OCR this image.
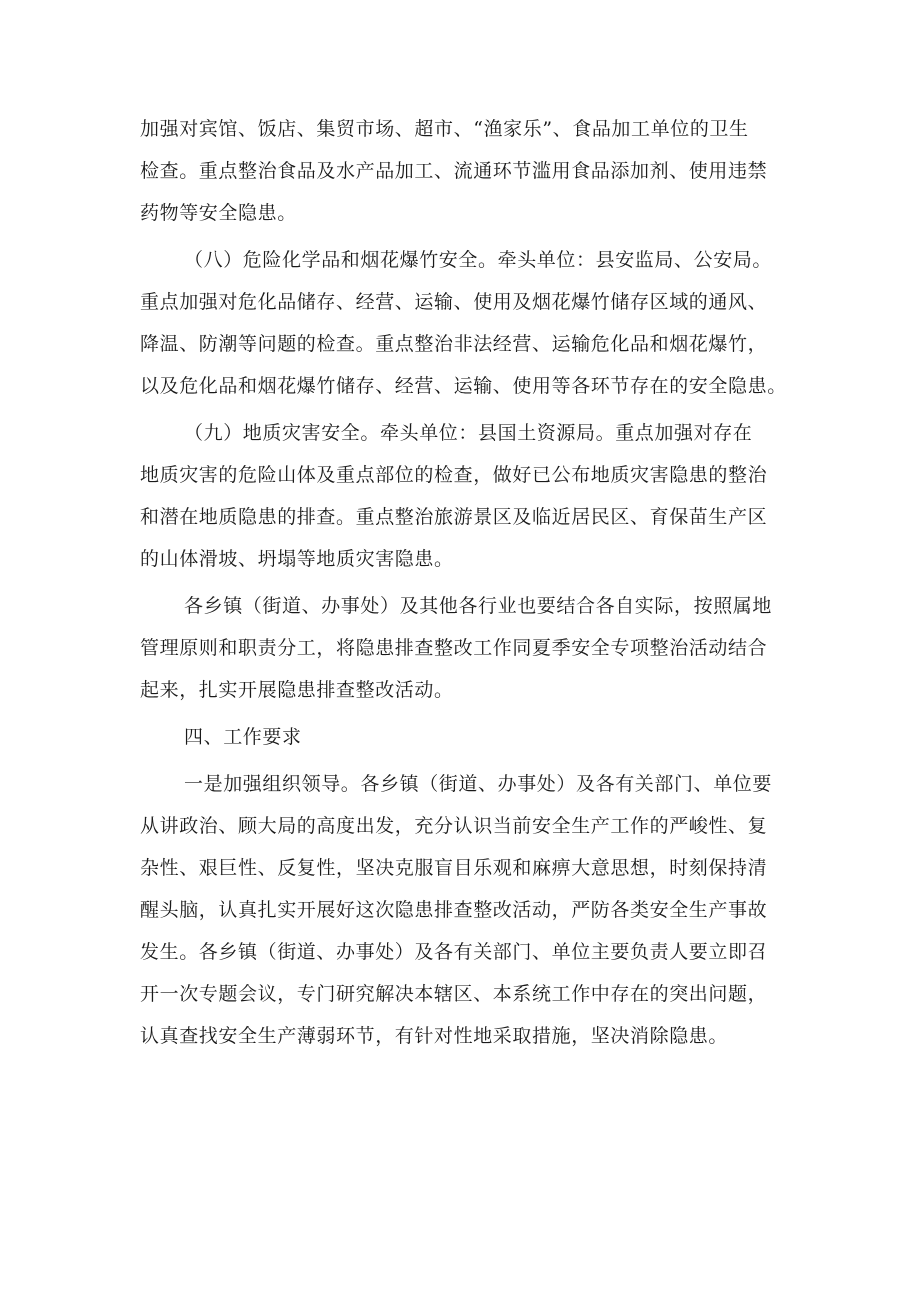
加强对宾馆、饭店、集贸市场、超市、“渔家乐”、食品加工单位的卫生
检查。重点整治食品及水产品加工、流通环节滥用食品添加剂、使用违禁
药物等安全隐患。

（八）危险化学品和烟花爆竹安全。牵头单位：县安监局、公安局。
重点加强对危化品储存、经营、运输、使用及烟花爆竹储存区域的通风、
降温、防潮等问题的检查。重点整治非法经营、运输危化品和烟花爆竹，
以及危化品和烟花爆竹储存、经营、运输、使用等各环节存在的安全隐患。

（九）地质灾害安全。牵头单位：县国土资源局。重点加强对存在
地质灾害的危险山体及重点部位的检查，做好已公布地质灾害隐患的整治
和潜在地质隐患的排查。重点整治旅游景区及临近居民区、育保苗生产区
的山体滑坡、坍塌等地质灾害隐患。

各乡镇（街道、办事处）及其他各行业也要结合各自实际，按照属地
管理原则和职责分工，将隐患排查整改工作同夏季安全专项整治活动结合
起来，扎实开展隐患排查整改活动。

四、工作要求

一是加强组织领导。各乡镇（街道、办事处）及各有关部门、单位要
从讲政治、顾大局的高度出发，充分认识当前安全生产工作的严峻性、复
杂性、艰巨性、反复性，坚决克服盲目乐观和麻痹大意思想，时刻保持清
醒头脑，认真扎实开展好这次隐患排查整改活动，严防各类安全生产事故
发生。各乡镇（街道、办事处）及各有关部门、单位主要负责人要立即召
开一次专题会议，专门研究解决本辖区、本系统工作中存在的突出问题，
认真查找安全生产薄弱环节，有针对性地采取措施，坚决消除隐患。
